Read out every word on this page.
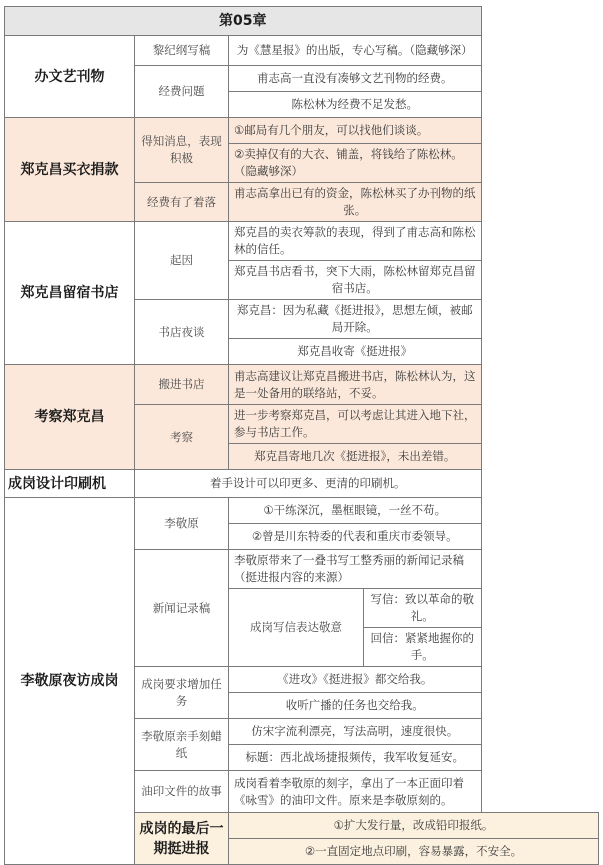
第05章			
办文艺刊物	黎纪纲写稿	为《慧星报》的出版，专心写稿。（隐藏够深）	
	经费问题	甫志高一直没有凑够文艺刊物的经费。	
		陈松林为经费不足发愁。	
郑克昌买衣捐款	得知消息，表现积极	①邮局有几个朋友，可以找他们谈谈。	
		②卖掉仅有的大衣、铺盖，将钱给了陈松林。（隐藏够深）	
	经费有了着落	甫志高拿出已有的资金，陈松林买了办刊物的纸张。	
郑克昌留宿书店	起因	郑克昌的卖衣筹款的表现，得到了甫志高和陈松林的信任。	
		郑克昌书店看书，突下大雨，陈松林留郑克昌留宿书店。	
	书店夜谈	郑克昌：因为私藏《挺进报》，思想左倾，被邮局开除。	
		郑克昌收寄《挺进报》	
考察郑克昌	搬进书店	甫志高建议让郑克昌搬进书店，陈松林认为，这是一处备用的联络站，不妥。	
	考察	进一步考察郑克昌，可以考虑让其进入地下社，参与书店工作。	
		郑克昌寄地几次《挺进报》，未出差错。	
成岗设计印刷机	着手设计可以印更多、更清的印刷机。		
李敬原夜访成岗	李敬原	①干练深沉，墨框眼镜，一丝不苟。	
		②曾是川东特委的代表和重庆市委领导。	
	新闻记录稿	李敬原带来了一叠书写工整秀丽的新闻记录稿（挺进报内容的来源）	
		成岗写信表达敬意	写信：致以革命的敬礼。
			回信：紧紧地握你的手。
	成岗要求增加任务	《进攻》《挺进报》都交给我。	
		收听广播的任务也交给我。	
	李敬原亲手刻蜡纸	仿宋字流利漂亮，写法高明，速度很快。	
		标题：西北战场捷报频传，我军收复延安。	
	油印文件的故事	成岗看着李敬原的刻字，拿出了一本正面印着《咏雪》的油印文件。原来是李敬原刻的。	
	成岗的最后一期挺进报	①扩大发行量，改成铅印报纸。	
		②一直固定地点印刷，容易暴露，不安全。	
